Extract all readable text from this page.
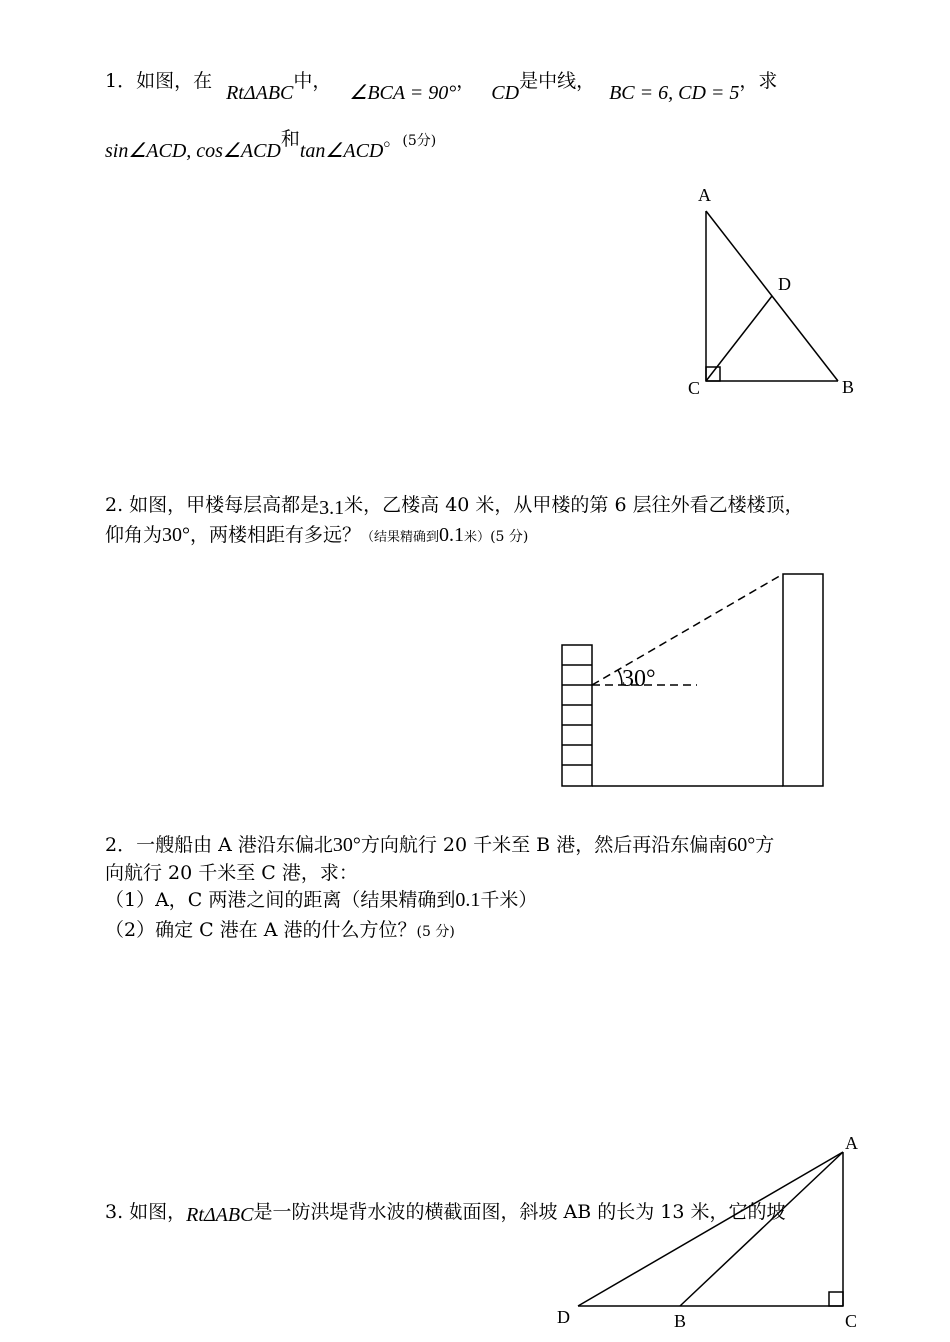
1．如图，在RtΔABC中，∠BCA = 90°，CD是中线，BC = 6, CD = 5，求
sin∠ACD, cos∠ACD和tan∠ACD。(5分)
A
D
C	B
30°
A
D	B	C
2. 如图，甲楼每层高都是3.1米，乙楼高 40 米，从甲楼的第 6 层往外看乙楼楼顶，
仰角为30°，两楼相距有多远？（结果精确到0.1米）(5 分)
2．一艘船由 A 港沿东偏北30°方向航行 20 千米至 B 港，然后再沿东偏南60°方
向航行 20 千米至 C 港，求：
（1）A，C 两港之间的距离（结果精确到0.1千米）
（2）确定 C 港在 A 港的什么方位？(5 分)
3. 如图，RtΔABC是一防洪堤背水波的横截面图，斜坡 AB 的长为 13 米，它的坡
